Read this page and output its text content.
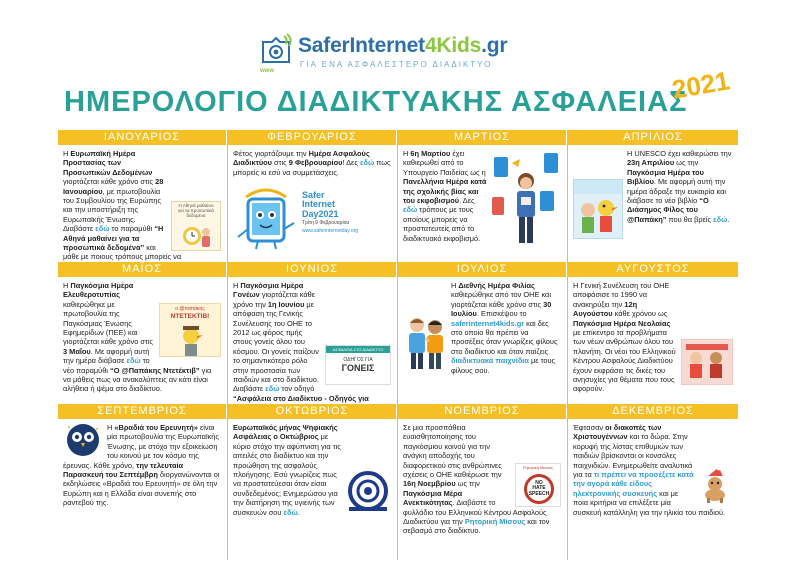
SaferInternet4Kids.gr
ΓΙΑ ΕΝΑ ΑΣΦΑΛΕΣΤΕΡΟ ΔΙΑΔΙΚΤΥΟ
www
ΗΜΕΡΟΛΟΓΙΟ ΔΙΑΔΙΚΤΥΑΚΗΣ ΑΣΦΑΛΕΙΑΣ
2021
ΙΑΝΟΥΑΡΙΟΣ
Η Αθηνά μαθαίνει
για τα προσωπικά
δεδομένα
Η Ευρωπαϊκή Ημέρα Προστασίας των Προσωπικών Δεδομένων γιορτάζεται κάθε χρόνο στις 28 Ιανουαρίου, με πρωτοβουλία του Συμβουλίου της Ευρώπης και την υποστήριξη της Ευρωπαϊκής Ένωσης. Διαβάστε εδώ το παραμύθι “Η Αθηνά μαθαίνει για τα προσωπικά δεδομένα” και μάθε με ποιους τρόπους μπορείς να
ΦΕΒΡΟΥΑΡΙΟΣ
Φέτος γιορτάζουμε την Ημέρα Ασφαλούς Διαδικτύου στις 9 Φεβρουαρίου! Δες εδώ πως μπορείς κι εσύ να συμμετάσχεις.
Safer
Internet
Day2021
Τρίτη 9 Φεβρουαρίου
www.saferinternetday.org
ΜΑΡΤΙΟΣ
Η 6η Μαρτίου έχει καθιερωθεί από το Υπουργείο Παιδείας ως η Πανελλήνια Ημέρα κατά της σχολικής βίας και του εκφοβισμού. Δες εδώ τρόπους με τους οποίους μπορείς να προστατευτείς από το διαδικτυακό εκφοβισμό.
ΑΠΡΙΛΙΟΣ
Η UNESCO έχει καθιερώσει την 23η Απριλίου ως την Παγκόσμια Ημέρα του Βιβλίου. Με αφορμή αυτή την ημέρα άδραξε την ευκαιρία και διάβασε το νέο βιβλίο “Ο Διάσημος Φίλος του @Παπάκη” που θα βρείς εδώ.
ΜΑΪΟΣ
ο @παπάκης
ΝΤΕΤΕΚΤΙΒ!
Η Παγκόσμια Ημέρα Ελευθεροτυπίας καθιερώθηκε με πρωτοβουλία της Παγκόσμιας Ένωσης Εφημερίδων (ΠΕΕ) και γιορτάζεται κάθε χρόνο στις 3 Μαΐου. Με αφορμή αυτή την ημέρα διάβασε εδώ το νέο παραμύθι “Ο @Παπάκης Ντετέκτιβ” για να μάθεις πως να ανακαλύπτεις αν κάτι είναι αλήθεια ή ψέμα στο διαδίκτυο.
ΙΟΥΝΙΟΣ
ΑΣΦΑΛΕΙΑ ΣΤΟ ΔΙΑΔΙΚΤΥΟ
ΟΔΗΓΟΣ ΓΙΑ
ΓΟΝΕΙΣ
Η Παγκόσμια Ημέρα Γονέων γιορτάζεται κάθε χρόνο την 1η Ιουνίου με απόφαση της Γενικής Συνέλευσης του ΟΗΕ το 2012 ως φόρος τιμής στους γονείς όλου του κόσμου. Οι γονείς παίζουν το σημαντικότερο ρόλο στην προστασία των παιδιών και στο διαδίκτυο. Διαβάστε εδώ τον οδηγό “Ασφάλεια στο Διαδίκτυο - Οδηγός για
ΙΟΥΛΙΟΣ
Η Διεθνής Ημέρα Φιλίας καθιερώθηκε από τον ΟΗΕ και γιορτάζεται κάθε χρόνο στις 30 Ιουλίου. Επισκέψου το saferinternet4kids.gr και δες στο οποίο θα πρέπει να προσέξεις όταν γνωρίζεις φίλους στο διαδίκτυο και όταν παίζεις διαδικτυακά παιχνίδια με τους φίλους σου.
ΑΥΓΟΥΣΤΟΣ
Η Γενική Συνέλευση του ΟΗΕ αποφάσισε το 1990 να ανακηρύξει την 12η Αυγούστου κάθε χρόνου ως Παγκόσμια Ημέρα Νεολαίας με επίκεντρο τα προβλήματα των νέων ανθρώπων όλου του πλανήτη. Οι νέοι του Ελληνικού Κέντρου Ασφαλούς Διαδικτύου έχουν εκφράσει τις δικές του ανησυχίες για θέματα που τους αφορούν.
ΣΕΠΤΕΜΒΡΙΟΣ
Η «Βραδιά του Ερευνητή» είναι μία πρωτοβουλία της Ευρωπαϊκής Ένωσης, με στόχο την εξοικείωση του κοινού με τον κόσμο της έρευνας. Κάθε χρόνο, την τελευταία Παρασκευή του Σεπτέμβρη διοργανώνονται οι εκδηλώσεις «Βραδιά του Ερευνητή» σε όλη την Ευρώπη και η Ελλάδα είναι συνεπής στο ραντεβού της.
ΟΚΤΩΒΡΙΟΣ
Ευρωπαϊκός μήνας Ψηφιακής Ασφάλειας ο Οκτώβριος με κύριο στόχο την αφύπνιση για τις απειλές στο διαδίκτυο και την προώθηση της ασφαλούς πλοήγησης. Εσύ γνωρίζεις πως να προστατεύεσαι όταν είσαι συνδεδεμένος; Ενημερώσου για την διατήρηση της υγιεινής των συσκευών σου εδώ.
ΝΟΕΜΒΡΙΟΣ
Ρητορική Μίσους
NO
HATE
SPEECH
Σε μια προσπάθεια ευαισθητοποίησης του παγκόσμιου κοινού για την ανάγκη αποδοχής του διαφορετικού στις ανθρώπινες σχέσεις ο ΟΗΕ καθιέρωσε την 16η Νοεμβρίου ως την Παγκόσμια Μέρα Ανεκτικότητας. Διαβάστε το φυλλάδιο του Ελληνικού Κέντρου Ασφαλούς Διαδικτύου για την Ρητορική Μίσους και τον σεβασμό στο διαδίκτυο.
ΔΕΚΕΜΒΡΙΟΣ
Έφτασαν οι διακοπές των Χριστουγέννων και τα δώρα. Στην κορυφή της λίστας επιθυμιών των παιδιών βρίσκονται οι κονσόλες παιχνιδιών. Ενημερωθείτε αναλυτικά για τα τι πρέπει να προσέξετε κατά την αγορά κάθε είδους ηλεκτρονικής συσκευής και με ποια κριτήρια να επιλέξετε μία συσκευή κατάλληλη για την ηλικία του παιδιού.
